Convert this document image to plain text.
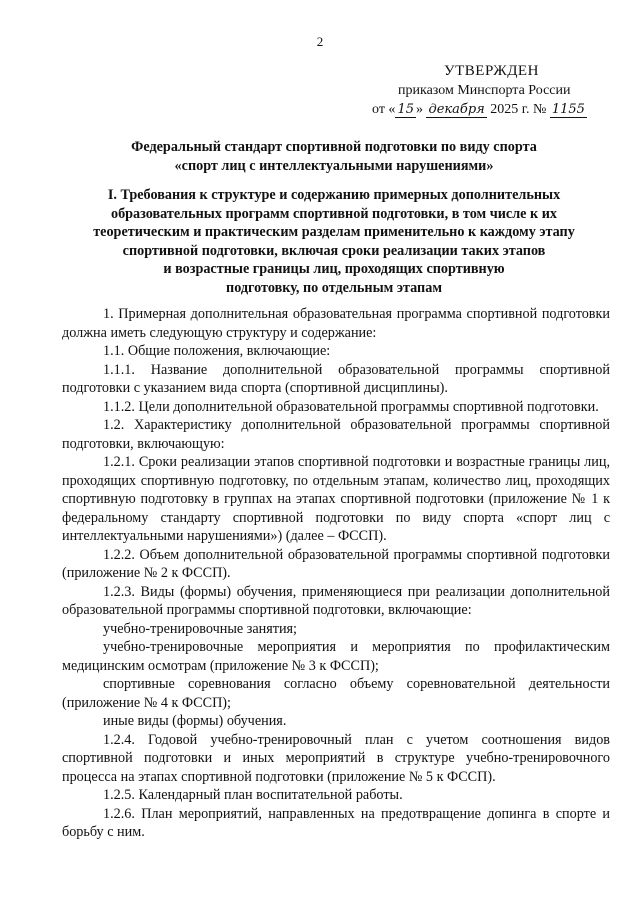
2
УТВЕРЖДЕН
приказом Минспорта России
от « 15 » декабря 2025 г. № 1155
Федеральный стандарт спортивной подготовки по виду спорта
«спорт лиц с интеллектуальными нарушениями»
I. Требования к структуре и содержанию примерных дополнительных
образовательных программ спортивной подготовки, в том числе к их
теоретическим и практическим разделам применительно к каждому этапу
спортивной подготовки, включая сроки реализации таких этапов
и возрастные границы лиц, проходящих спортивную
подготовку, по отдельным этапам

1. Примерная дополнительная образовательная программа спортивной подготовки должна иметь следующую структуру и содержание:

1.1. Общие положения, включающие:

1.1.1. Название дополнительной образовательной программы спортивной подготовки с указанием вида спорта (спортивной дисциплины).

1.1.2. Цели дополнительной образовательной программы спортивной подготовки.

1.2. Характеристику дополнительной образовательной программы спортивной подготовки, включающую:

1.2.1. Сроки реализации этапов спортивной подготовки и возрастные границы лиц, проходящих спортивную подготовку, по отдельным этапам, количество лиц, проходящих спортивную подготовку в группах на этапах спортивной подготовки (приложение № 1 к федеральному стандарту спортивной подготовки по виду спорта «спорт лиц с интеллектуальными нарушениями») (далее – ФССП).

1.2.2. Объем дополнительной образовательной программы спортивной подготовки (приложение № 2 к ФССП).

1.2.3. Виды (формы) обучения, применяющиеся при реализации дополнительной образовательной программы спортивной подготовки, включающие:

учебно-тренировочные занятия;

учебно-тренировочные мероприятия и мероприятия по профилактическим медицинским осмотрам (приложение № 3 к ФССП);

спортивные соревнования согласно объему соревновательной деятельности (приложение № 4 к ФССП);

иные виды (формы) обучения.

1.2.4. Годовой учебно-тренировочный план с учетом соотношения видов спортивной подготовки и иных мероприятий в структуре учебно-тренировочного процесса на этапах спортивной подготовки (приложение № 5 к ФССП).

1.2.5. Календарный план воспитательной работы.

1.2.6. План мероприятий, направленных на предотвращение допинга в спорте и борьбу с ним.
